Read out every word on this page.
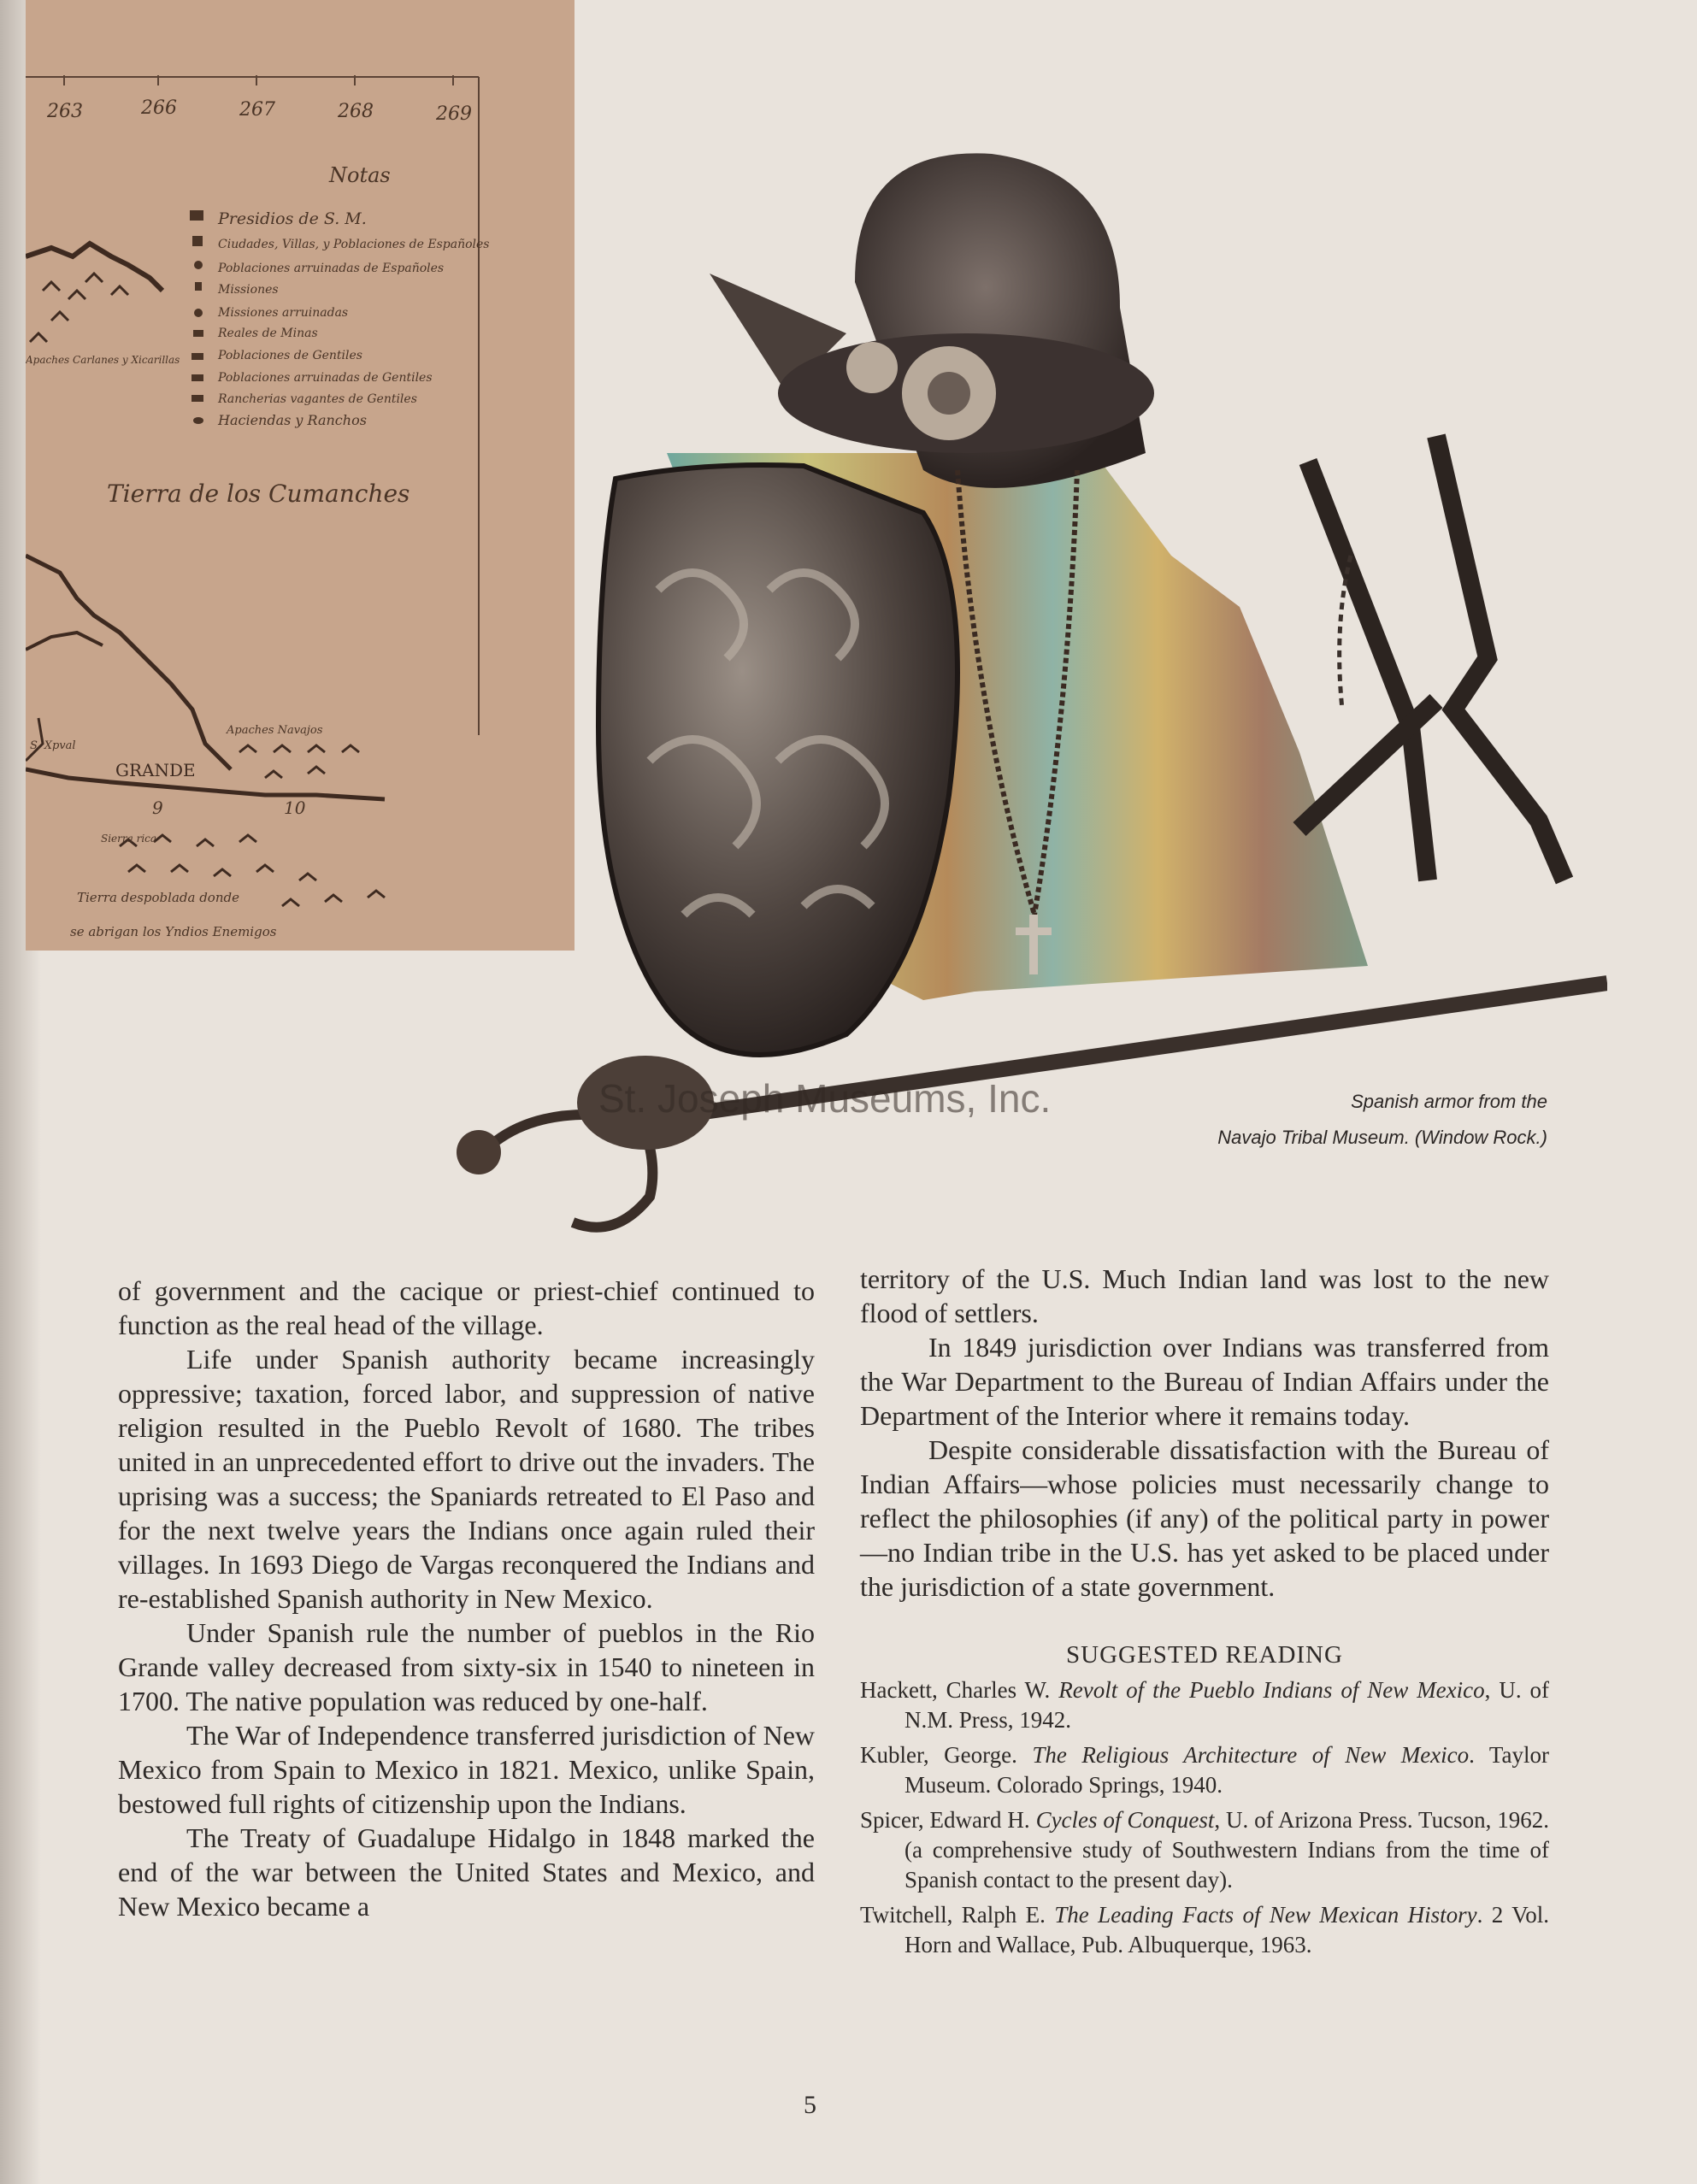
263	266	267	268	269
Notas
Presidios de S. M.
Ciudades, Villas, y Poblaciones de Españoles
Poblaciones arruinadas de Españoles
Missiones
Missiones arruinadas
Reales de Minas
Poblaciones de Gentiles
Poblaciones arruinadas de Gentiles
Rancherias vagantes de Gentiles
Haciendas y Ranchos
Apaches Carlanes y Xicarillas
Tierra de los Cumanches
Apaches Navajos
S. Xpval
GRANDE
9	10
Sierra rica
Tierra despoblada donde
se abrigan los Yndios Enemigos
St. Joseph Museums, Inc.	Spanish armor from the
Navajo Tribal Museum. (Window Rock.)

of government and the cacique or priest-chief continued to function as the real head of the village.

Life under Spanish authority became increasingly oppressive; taxation, forced labor, and suppression of native religion resulted in the Pueblo Revolt of 1680. The tribes united in an unprecedented effort to drive out the invaders. The uprising was a success; the Spaniards retreated to El Paso and for the next twelve years the Indians once again ruled their villages. In 1693 Diego de Vargas reconquered the Indians and re-established Spanish authority in New Mexico.

Under Spanish rule the number of pueblos in the Rio Grande valley decreased from sixty-six in 1540 to nineteen in 1700. The native population was reduced by one-half.

The War of Independence transferred jurisdiction of New Mexico from Spain to Mexico in 1821. Mexico, unlike Spain, bestowed full rights of citizenship upon the Indians.

The Treaty of Guadalupe Hidalgo in 1848 marked the end of the war between the United States and Mexico, and New Mexico became a

territory of the U.S. Much Indian land was lost to the new flood of settlers.

In 1849 jurisdiction over Indians was transferred from the War Department to the Bureau of Indian Affairs under the Department of the Interior where it remains today.

Despite considerable dissatisfaction with the Bureau of Indian Affairs—whose policies must necessarily change to reflect the philosophies (if any) of the political party in power—no Indian tribe in the U.S. has yet asked to be placed under the jurisdiction of a state government.

SUGGESTED READING
Hackett, Charles W. Revolt of the Pueblo Indians of New Mexico, U. of N.M. Press, 1942.
Kubler, George. The Religious Architecture of New Mexico. Taylor Museum. Colorado Springs, 1940.
Spicer, Edward H. Cycles of Conquest, U. of Arizona Press. Tucson, 1962. (a comprehensive study of Southwestern Indians from the time of Spanish contact to the present day).
Twitchell, Ralph E. The Leading Facts of New Mexican History. 2 Vol. Horn and Wallace, Pub. Albuquerque, 1963.
5
